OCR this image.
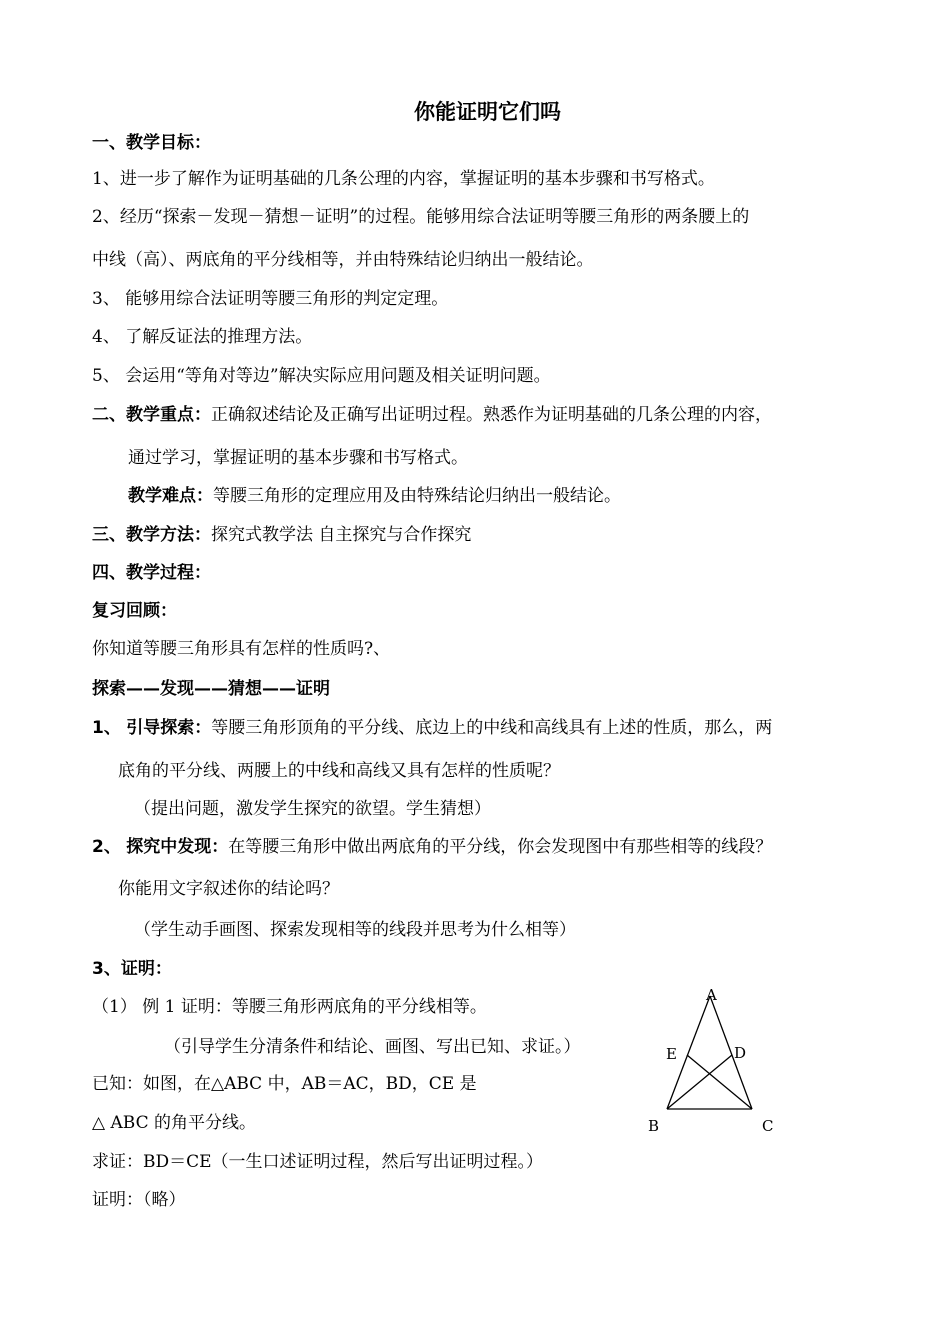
你能证明它们吗
一、教学目标：
1、进一步了解作为证明基础的几条公理的内容，掌握证明的基本步骤和书写格式。
2、经历“探索－发现－猜想－证明”的过程。能够用综合法证明等腰三角形的两条腰上的
中线（高）、两底角的平分线相等，并由特殊结论归纳出一般结论。
3、 能够用综合法证明等腰三角形的判定定理。
4、 了解反证法的推理方法。
5、 会运用“等角对等边”解决实际应用问题及相关证明问题。
二、教学重点：正确叙述结论及正确写出证明过程。熟悉作为证明基础的几条公理的内容，
通过学习，掌握证明的基本步骤和书写格式。
教学难点：等腰三角形的定理应用及由特殊结论归纳出一般结论。
三、教学方法：探究式教学法 自主探究与合作探究
四、教学过程：
复习回顾：
你知道等腰三角形具有怎样的性质吗?、
探索——发现——猜想——证明
1、 引导探索：等腰三角形顶角的平分线、底边上的中线和高线具有上述的性质，那么，两
底角的平分线、两腰上的中线和高线又具有怎样的性质呢？
（提出问题，激发学生探究的欲望。学生猜想）
2、 探究中发现：在等腰三角形中做出两底角的平分线，你会发现图中有那些相等的线段？
你能用文字叙述你的结论吗？
（学生动手画图、探索发现相等的线段并思考为什么相等）
3、证明：
（1） 例 1 证明：等腰三角形两底角的平分线相等。
（引导学生分清条件和结论、画图、写出已知、求证。）
已知：如图，在△ABC 中，AB＝AC，BD，CE 是
△ ABC 的角平分线。
求证：BD＝CE（一生口述证明过程，然后写出证明过程。）
证明：（略）
A
E	D
B	C
